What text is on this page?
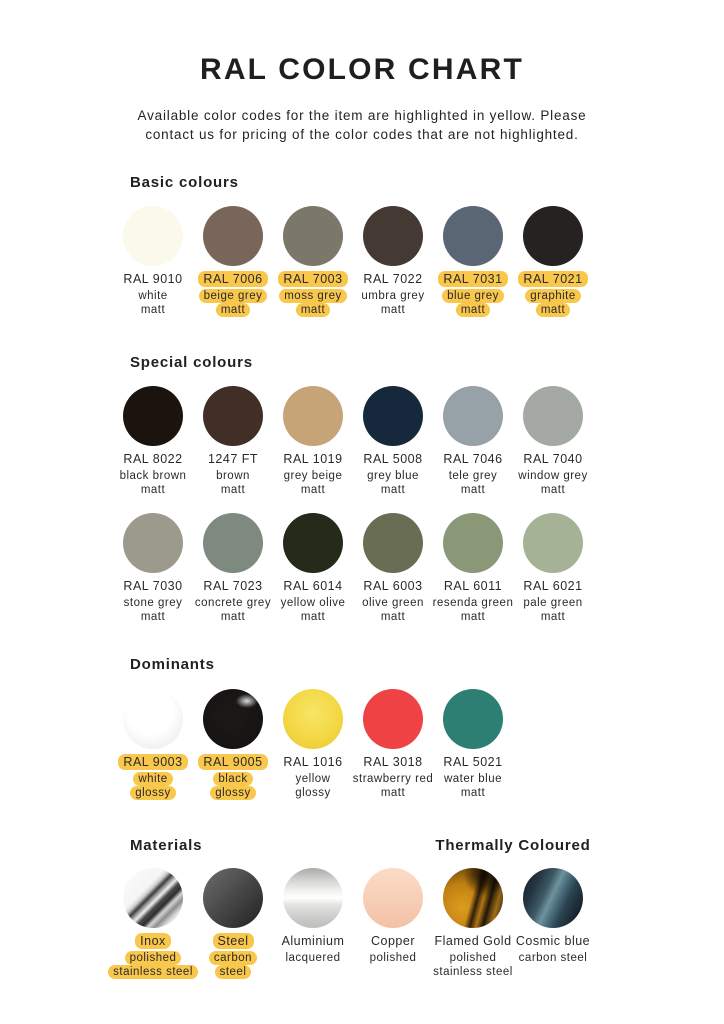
RAL COLOR CHART
Available color codes for the item are highlighted in yellow. Please
contact us for pricing of the color codes that are not highlighted.
Basic colours
RAL 9010
white
matt
RAL 7006
beige grey
matt
RAL 7003
moss grey
matt
RAL 7022
umbra grey
matt
RAL 7031
blue grey
matt
RAL 7021
graphite
matt
Special colours
RAL 8022
black brown
matt
1247 FT
brown
matt
RAL 1019
grey beige
matt
RAL 5008
grey blue
matt
RAL 7046
tele grey
matt
RAL 7040
window grey
matt
RAL 7030
stone grey
matt
RAL 7023
concrete grey
matt
RAL 6014
yellow olive
matt
RAL 6003
olive green
matt
RAL 6011
resenda green
matt
RAL 6021
pale green
matt
Dominants
RAL 9003
white
glossy
RAL 9005
black
glossy
RAL 1016
yellow
glossy
RAL 3018
strawberry red
matt
RAL 5021
water blue
matt
Materials	Thermally Coloured
Inox
polished
stainless steel
Steel
carbon
steel
Aluminium
lacquered
Copper
polished
Flamed Gold
polished
stainless steel
Cosmic blue
carbon steel
